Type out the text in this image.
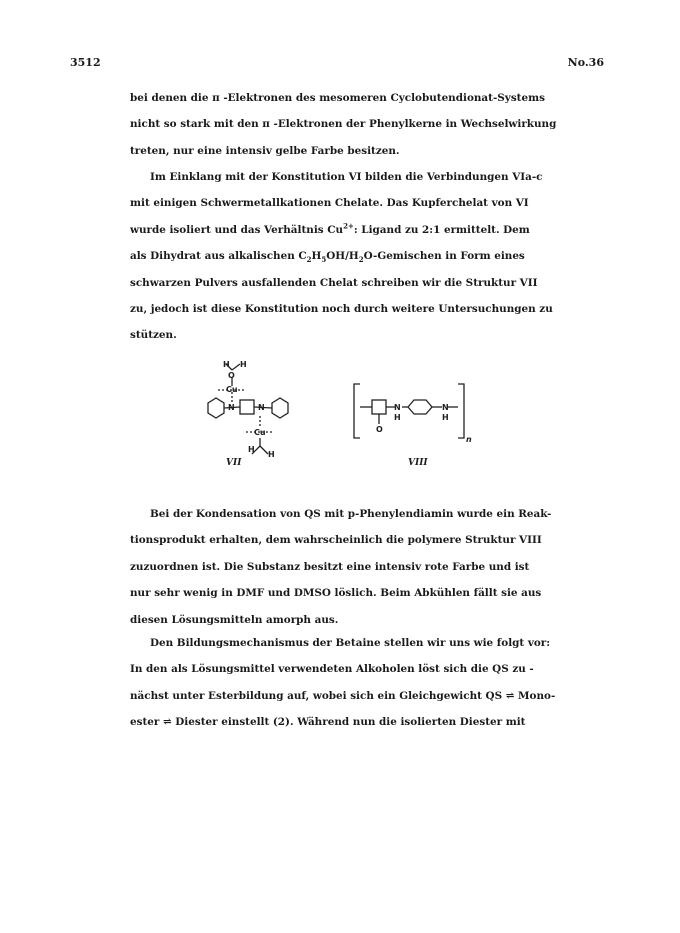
3512	No.36
bei denen die π -Elektronen des mesomeren Cyclobutendionat-Systems
nicht so stark mit den π -Elektronen der Phenylkerne in Wechselwirkung
treten, nur eine intensiv gelbe Farbe besitzen.
Im Einklang mit der Konstitution VI bilden die Verbindungen VIa-c
mit einigen Schwermetallkationen Chelate. Das Kupferchelat von VI
wurde isoliert und das Verhältnis $Cu^{2+}$: Ligand zu 2:1 ermittelt. Dem
als Dihydrat aus alkalischen $C_2H_5OH/H_2O$-Gemischen in Form eines
schwarzen Pulvers ausfallenden Chelat schreiben wir die Struktur VII
zu, jedoch ist diese Konstitution noch durch weitere Untersuchungen zu
stützen.
H H
O
Cu
N	N
Cu
H
H
VII
N
H
N
H
O
n
VIII
Bei der Kondensation von QS mit p-Phenylendiamin wurde ein Reak-
tionsprodukt erhalten, dem wahrscheinlich die polymere Struktur VIII
zuzuordnen ist. Die Substanz besitzt eine intensiv rote Farbe und ist
nur sehr wenig in DMF und DMSO löslich. Beim Abkühlen fällt sie aus
diesen Lösungsmitteln amorph aus.
Den Bildungsmechanismus der Betaine stellen wir uns wie folgt vor:
In den als Lösungsmittel verwendeten Alkoholen löst sich die QS zu -
nächst unter Esterbildung auf, wobei sich ein Gleichgewicht QS ⇌ Mono-
ester ⇌ Diester einstellt (2). Während nun die isolierten Diester mit
